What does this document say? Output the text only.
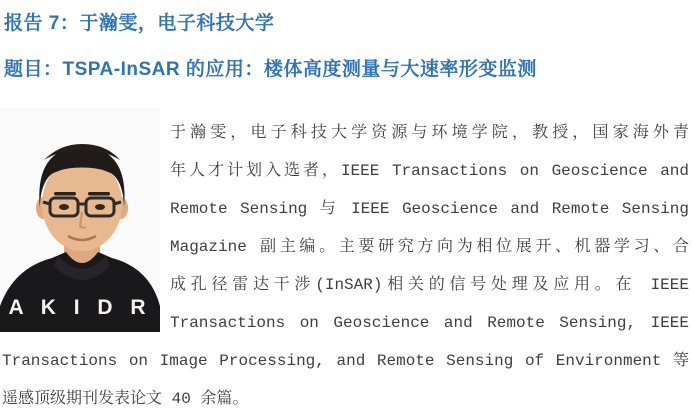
报告 7：于瀚雯，电子科技大学
题目：TSPA-InSAR 的应用：楼体高度测量与大速率形变监测
A K I D R
于瀚雯，电子科技大学资源与环境学院，教授，国家海外青
年人才计划入选者，IEEE Transactions on Geoscience and
Remote Sensing 与 IEEE Geoscience and Remote Sensing
Magazine 副主编。主要研究方向为相位展开、机器学习、合
成孔径雷达干涉(InSAR)相关的信号处理及应用。在 IEEE
Transactions on Geoscience and Remote Sensing, IEEE
Transactions on Image Processing, and Remote Sensing of Environment 等
遥感顶级期刊发表论文 40 余篇。
